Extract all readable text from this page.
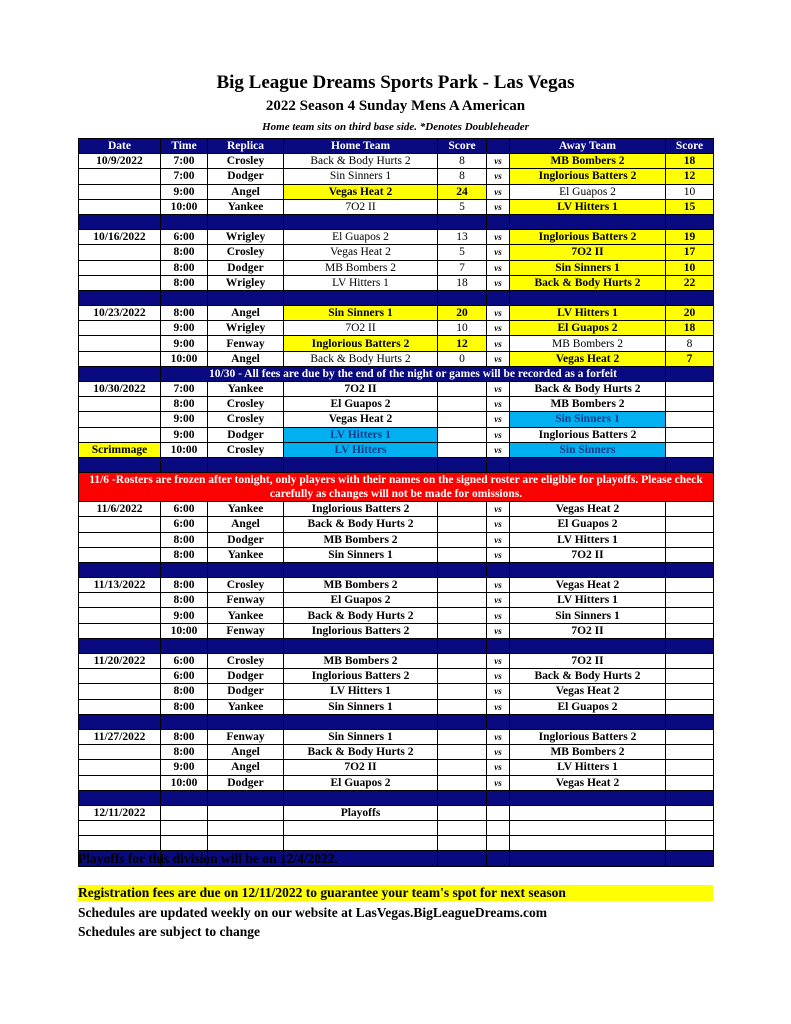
Big League Dreams Sports Park - Las Vegas
2022 Season 4 Sunday Mens A American
Home team sits on third base side. *Denotes Doubleheader
Date	Time	Replica	Home Team	Score		Away Team	Score
10/9/2022	7:00	Crosley	Back & Body Hurts 2	8	vs	MB Bombers 2	18
	7:00	Dodger	Sin Sinners 1	8	vs	Inglorious Batters 2	12
	9:00	Angel	Vegas Heat 2	24	vs	El Guapos 2	10
	10:00	Yankee	7O2 II	5	vs	LV Hitters 1	15

10/16/2022	6:00	Wrigley	El Guapos 2	13	vs	Inglorious Batters 2	19
	8:00	Crosley	Vegas Heat 2	5	vs	7O2 II	17
	8:00	Dodger	MB Bombers 2	7	vs	Sin Sinners 1	10
	8:00	Wrigley	LV Hitters 1	18	vs	Back & Body Hurts 2	22

10/23/2022	8:00	Angel	Sin Sinners 1	20	vs	LV Hitters 1	20
	9:00	Wrigley	7O2 II	10	vs	El Guapos 2	18
	9:00	Fenway	Inglorious Batters 2	12	vs	MB Bombers 2	8
	10:00	Angel	Back & Body Hurts 2	0	vs	Vegas Heat 2	7
	10/30 - All fees are due by the end of the night or games will be recorded as a forfeit						
10/30/2022	7:00	Yankee	7O2 II		vs	Back & Body Hurts 2	
	8:00	Crosley	El Guapos 2		vs	MB Bombers 2	
	9:00	Crosley	Vegas Heat 2		vs	Sin Sinners 1	
	9:00	Dodger	LV Hitters 1		vs	Inglorious Batters 2	
Scrimmage	10:00	Crosley	LV Hitters		vs	Sin Sinners	

11/6 -Rosters are frozen after tonight, only players with their names on the signed roster are eligible for playoffs. Please check carefully as changes will not be made for omissions.							
11/6/2022	6:00	Yankee	Inglorious Batters 2		vs	Vegas Heat 2	
	6:00	Angel	Back & Body Hurts 2		vs	El Guapos 2	
	8:00	Dodger	MB Bombers 2		vs	LV Hitters 1	
	8:00	Yankee	Sin Sinners 1		vs	7O2 II	

11/13/2022	8:00	Crosley	MB Bombers 2		vs	Vegas Heat 2	
	8:00	Fenway	El Guapos 2		vs	LV Hitters 1	
	9:00	Yankee	Back & Body Hurts 2		vs	Sin Sinners 1	
	10:00	Fenway	Inglorious Batters 2		vs	7O2 II	

11/20/2022	6:00	Crosley	MB Bombers 2		vs	7O2 II	
	6:00	Dodger	Inglorious Batters 2		vs	Back & Body Hurts 2	
	8:00	Dodger	LV Hitters 1		vs	Vegas Heat 2	
	8:00	Yankee	Sin Sinners 1		vs	El Guapos 2	

11/27/2022	8:00	Fenway	Sin Sinners 1		vs	Inglorious Batters 2	
	8:00	Angel	Back & Body Hurts 2		vs	MB Bombers 2	
	9:00	Angel	7O2 II		vs	LV Hitters 1	
	10:00	Dodger	El Guapos 2		vs	Vegas Heat 2	

12/11/2022			Playoffs				

Playoffs for this division will be on 12/4/2022.
Registration fees are due on 12/11/2022 to guarantee your team's spot for next season
Schedules are updated weekly on our website at LasVegas.BigLeagueDreams.com
Schedules are subject to change
